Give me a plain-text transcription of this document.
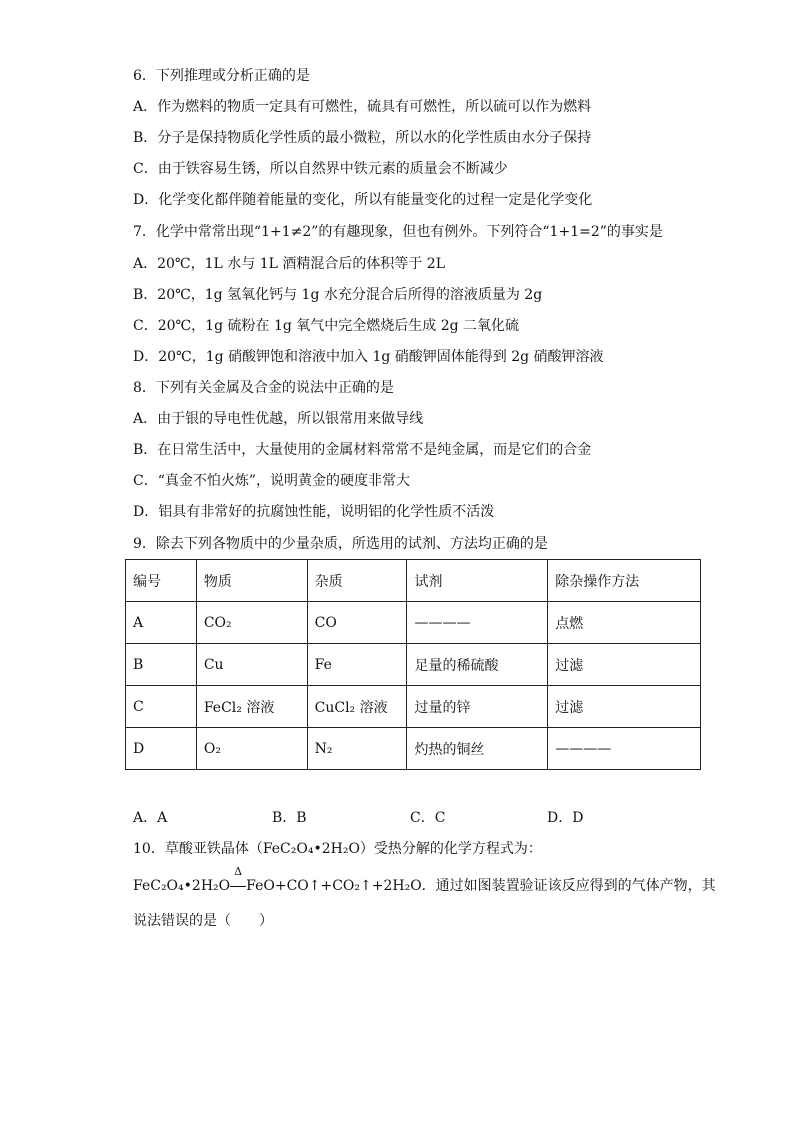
6．下列推理或分析正确的是
A．作为燃料的物质一定具有可燃性，硫具有可燃性，所以硫可以作为燃料
B．分子是保持物质化学性质的最小微粒，所以水的化学性质由水分子保持
C．由于铁容易生锈，所以自然界中铁元素的质量会不断减少
D．化学变化都伴随着能量的变化，所以有能量变化的过程一定是化学变化
7．化学中常常出现“1+1≠2”的有趣现象，但也有例外。下列符合“1+1=2”的事实是
A．20℃，1L 水与 1L 酒精混合后的体积等于 2L
B．20℃，1g 氢氧化钙与 1g 水充分混合后所得的溶液质量为 2g
C．20℃，1g 硫粉在 1g 氧气中完全燃烧后生成 2g 二氧化硫
D．20℃，1g 硝酸钾饱和溶液中加入 1g 硝酸钾固体能得到 2g 硝酸钾溶液
8．下列有关金属及合金的说法中正确的是
A．由于银的导电性优越，所以银常用来做导线
B．在日常生活中，大量使用的金属材料常常不是纯金属，而是它们的合金
C．“真金不怕火炼”，说明黄金的硬度非常大
D．铝具有非常好的抗腐蚀性能，说明铝的化学性质不活泼
9．除去下列各物质中的少量杂质，所选用的试剂、方法均正确的是
编号	物质	杂质	试剂	除杂操作方法
A	CO₂	CO	————	点燃
B	Cu	Fe	足量的稀硫酸	过滤
C	FeCl₂ 溶液	CuCl₂ 溶液	过量的锌	过滤
D	O₂	N₂	灼热的铜丝	————
A．A	B．B	C．C	D．D
10．草酸亚铁晶体（FeC₂O₄•2H₂O）受热分解的化学方程式为：
FeC₂O₄•2H₂O
Δ
FeO+CO↑+CO₂↑+2H₂O．通过如图装置验证该反应得到的气体产物，其
说法错误的是（　　）
